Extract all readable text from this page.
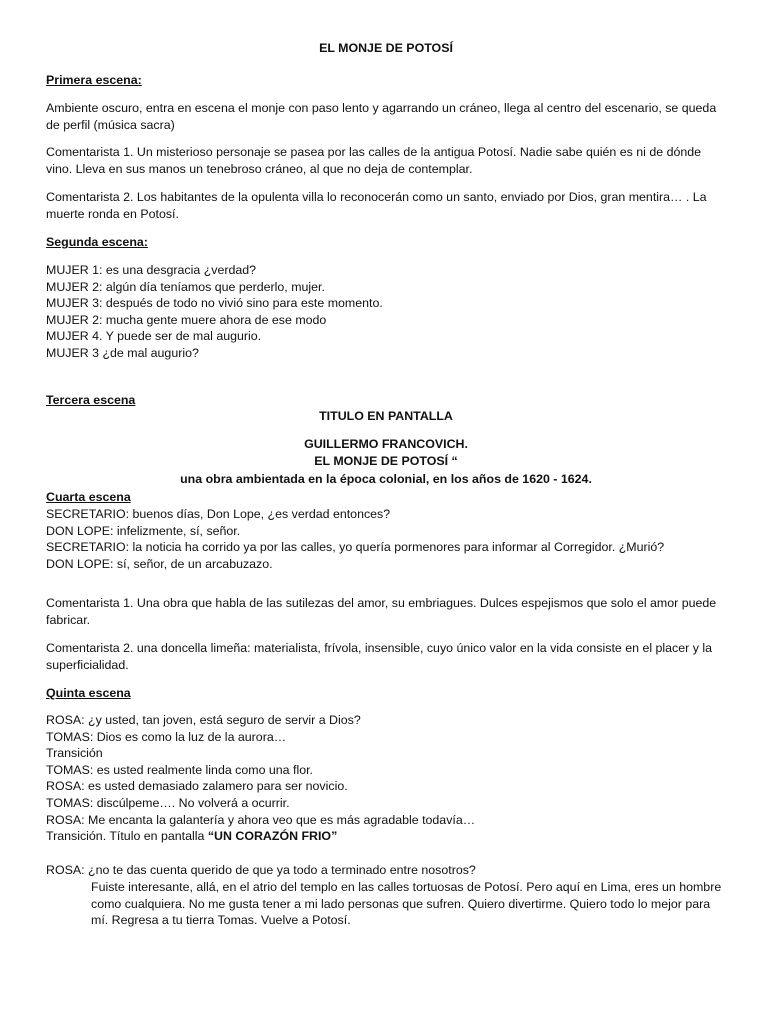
EL MONJE DE POTOSÍ
Primera escena:

Ambiente oscuro, entra en escena el monje con paso lento y agarrando un cráneo, llega al centro del escenario, se queda de perfil (música sacra)

Comentarista 1. Un misterioso personaje se pasea por las calles de la antigua Potosí. Nadie sabe quién es ni de dónde vino. Lleva en sus manos un tenebroso cráneo, al que no deja de contemplar.

Comentarista 2. Los habitantes de la opulenta villa lo reconocerán como un santo, enviado por Dios, gran mentira… . La muerte ronda en Potosí.

Segunda escena:
MUJER 1: es una desgracia ¿verdad?
MUJER 2: algún día teníamos que perderlo, mujer.
MUJER 3: después de todo no vivió sino para este momento.
MUJER 2: mucha gente muere ahora de ese modo
MUJER 4. Y puede ser de mal augurio.
MUJER 3 ¿de mal augurio?
Tercera escena
TITULO EN PANTALLA
GUILLERMO FRANCOVICH.
EL MONJE DE POTOSÍ “
una obra ambientada en la época colonial, en los años de 1620 - 1624.
Cuarta escena
SECRETARIO: buenos días, Don Lope, ¿es verdad entonces?
DON LOPE: infelizmente, sí, señor.
SECRETARIO: la noticia ha corrido ya por las calles, yo quería pormenores para informar al Corregidor. ¿Murió?
DON LOPE: sí, señor, de un arcabuzazo.

Comentarista 1. Una obra que habla de las sutilezas del amor, su embriagues. Dulces espejismos que solo el amor puede fabricar.

Comentarista 2. una doncella limeña: materialista, frívola, insensible, cuyo único valor en la vida consiste en el placer y la superficialidad.

Quinta escena
ROSA: ¿y usted, tan joven, está seguro de servir a Dios?
TOMAS: Dios es como la luz de la aurora…
Transición
TOMAS: es usted realmente linda como una flor.
ROSA: es usted demasiado zalamero para ser novicio.
TOMAS: discúlpeme…. No volverá a ocurrir.
ROSA: Me encanta la galantería y ahora veo que es más agradable todavía…
Transición. Título en pantalla “UN CORAZÓN FRIO”
ROSA: ¿no te das cuenta querido de que ya todo a terminado entre nosotros?

Fuiste interesante, allá, en el atrio del templo en las calles tortuosas de Potosí. Pero aquí en Lima, eres un hombre como cualquiera. No me gusta tener a mi lado personas que sufren. Quiero divertirme. Quiero todo lo mejor para mí. Regresa a tu tierra Tomas. Vuelve a Potosí.
